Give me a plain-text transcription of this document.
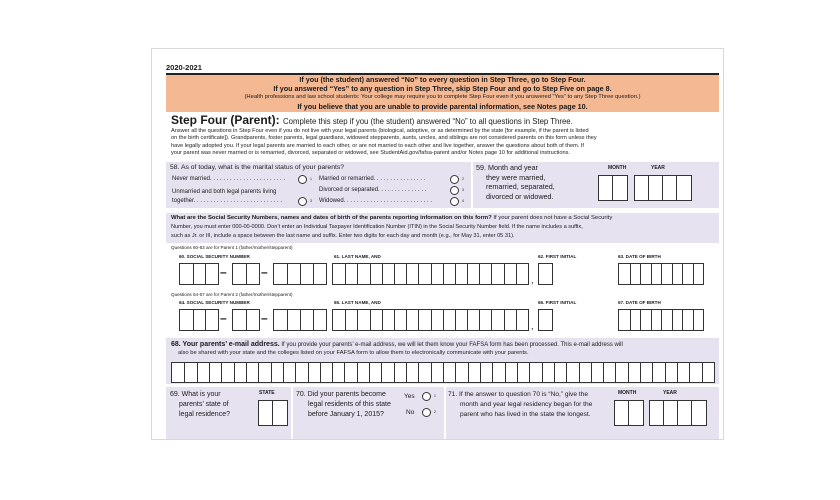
2020-2021
If you (the student) answered “No” to every question in Step Three, go to Step Four.
If you answered “Yes” to any question in Step Three, skip Step Four and go to Step Five on page 8.
(Health professions and law school students: Your college may require you to complete Step Four even if you answered “Yes” to any Step Three question.)
If you believe that you are unable to provide parental information, see Notes page 10.
Step Four (Parent): Complete this step if you (the student) answered “No” to all questions in Step Three.
Answer all the questions in Step Four even if you do not live with your legal parents (biological, adoptive, or as determined by the state [for example, if the parent is listed
on the birth certificate]). Grandparents, foster parents, legal guardians, widowed stepparents, aunts, uncles, and siblings are not considered parents on this form unless they
have legally adopted you. If your legal parents are married to each other, or are not married to each other and live together, answer the questions about both of them. If
your parent was never married or is remarried, divorced, separated or widowed, see StudentAid.gov/fafsa-parent and/or Notes page 10 for additional instructions.
58. As of today, what is the marital status of your parents?
Never married. . . . . . . . . . . . . . . . . . . . . . .	1
Unmarried and both legal parents living
together. . . . . . . . . . . . . . . . . . . . . . . . . . .	3
Married or remarried. . . . . . . . . . . . . . . .	2
Divorced or separated. . . . . . . . . . . . . . .	3
Widowed. . . . . . . . . . . . . . . . . . . . . . . . . . .	4
59. Month and year
they were married,
remarried, separated,
divorced or widowed.
MONTH	YEAR
What are the Social Security Numbers, names and dates of birth of the parents reporting information on this form? If your parent does not have a Social Security
Number, you must enter 000-00-0000. Don’t enter an Individual Taxpayer Identification Number (ITIN) in the Social Security Number field. If the name includes a suffix,
such as Jr. or III, include a space between the last name and suffix. Enter two digits for each day and month (e.g., for May 31, enter 05 31).
Questions 60-63 are for Parent 1 (father/mother/stepparent)
60. SOCIAL SECURITY NUMBER	61. LAST NAME, AND	62. FIRST INITIAL	63. DATE OF BIRTH
–	–
,
Questions 64-67 are for Parent 2 (father/mother/stepparent)
64. SOCIAL SECURITY NUMBER	65. LAST NAME, AND	66. FIRST INITIAL	67. DATE OF BIRTH
–	–
,
68. Your parents’ e-mail address. If you provide your parents’ e-mail address, we will let them know your FAFSA form has been processed. This e-mail address will
also be shared with your state and the colleges listed on your FAFSA form to allow them to electronically communicate with your parents.
69. What is your
parents’ state of
legal residence?
STATE	70. Did your parents become
legal residents of this state
before January 1, 2015?
Yes	1
No	2
71. If the answer to question 70 is “No,” give the
month and year legal residency began for the
parent who has lived in the state the longest.
MONTH	YEAR
